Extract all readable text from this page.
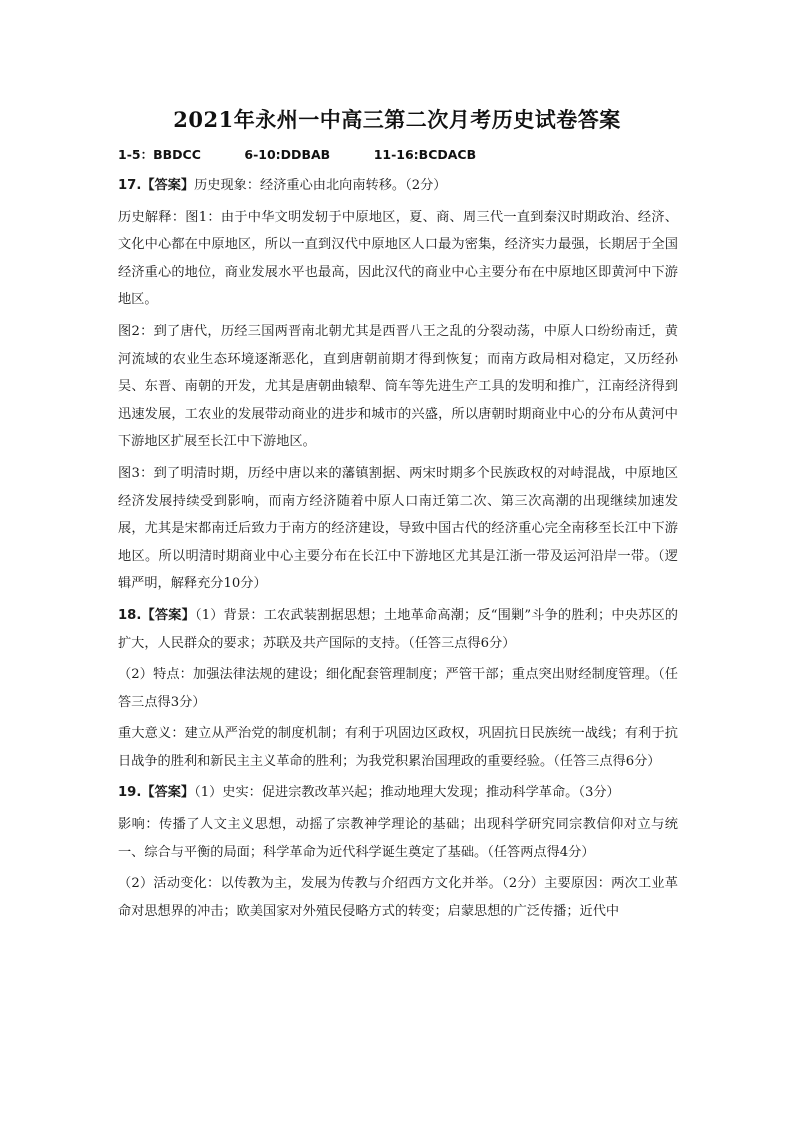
2021年永州一中高三第二次月考历史试卷答案
1-5：BBDCC	6-10:DDBAB	11-16:BCDACB

17.【答案】历史现象：经济重心由北向南转移。（2分）

历史解释：图1：由于中华文明发轫于中原地区，夏、商、周三代一直到秦汉时期政治、经济、文化中心都在中原地区，所以一直到汉代中原地区人口最为密集，经济实力最强，长期居于全国经济重心的地位，商业发展水平也最高，因此汉代的商业中心主要分布在中原地区即黄河中下游地区。

图2：到了唐代，历经三国两晋南北朝尤其是西晋八王之乱的分裂动荡，中原人口纷纷南迁，黄河流域的农业生态环境逐渐恶化，直到唐朝前期才得到恢复；而南方政局相对稳定，又历经孙吴、东晋、南朝的开发，尤其是唐朝曲辕犁、筒车等先进生产工具的发明和推广，江南经济得到迅速发展，工农业的发展带动商业的进步和城市的兴盛，所以唐朝时期商业中心的分布从黄河中下游地区扩展至长江中下游地区。

图3：到了明清时期，历经中唐以来的藩镇割据、两宋时期多个民族政权的对峙混战，中原地区经济发展持续受到影响，而南方经济随着中原人口南迁第二次、第三次高潮的出现继续加速发展，尤其是宋都南迁后致力于南方的经济建设，导致中国古代的经济重心完全南移至长江中下游地区。所以明清时期商业中心主要分布在长江中下游地区尤其是江浙一带及运河沿岸一带。（逻辑严明，解释充分10分）

18.【答案】（1）背景：工农武装割据思想；土地革命高潮；反“围剿”斗争的胜利；中央苏区的扩大，人民群众的要求；苏联及共产国际的支持。（任答三点得6分）

（2）特点：加强法律法规的建设；细化配套管理制度；严管干部；重点突出财经制度管理。（任答三点得3分）

重大意义：建立从严治党的制度机制；有利于巩固边区政权，巩固抗日民族统一战线；有利于抗日战争的胜利和新民主主义革命的胜利；为我党积累治国理政的重要经验。（任答三点得6分）

19.【答案】（1）史实：促进宗教改革兴起；推动地理大发现；推动科学革命。（3分）

影响：传播了人文主义思想，动摇了宗教神学理论的基础；出现科学研究同宗教信仰对立与统一、综合与平衡的局面；科学革命为近代科学诞生奠定了基础。（任答两点得4分）

（2）活动变化：以传教为主，发展为传教与介绍西方文化并举。（2分）主要原因：两次工业革命对思想界的冲击；欧美国家对外殖民侵略方式的转变；启蒙思想的广泛传播；近代中
